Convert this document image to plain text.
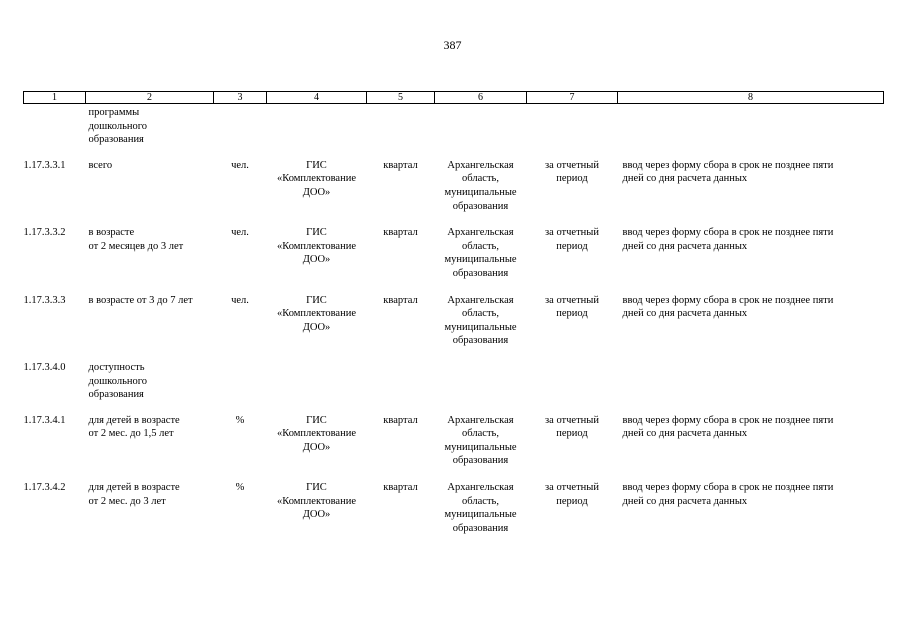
387
1	2	3	4	5	6	7	8

	программы
дошкольного
образования						

1.17.3.3.1	всего	чел.	ГИС
«Комплектование
ДОО»	квартал	Архангельская
область,
муниципальные
образования	за отчетный
период	ввод через форму сбора в срок не позднее пяти
дней со дня расчета данных

1.17.3.3.2	в возрасте
от 2 месяцев до 3 лет	чел.	ГИС
«Комплектование
ДОО»	квартал	Архангельская
область,
муниципальные
образования	за отчетный
период	ввод через форму сбора в срок не позднее пяти
дней со дня расчета данных

1.17.3.3.3	в возрасте от 3 до 7 лет	чел.	ГИС
«Комплектование
ДОО»	квартал	Архангельская
область,
муниципальные
образования	за отчетный
период	ввод через форму сбора в срок не позднее пяти
дней со дня расчета данных

1.17.3.4.0	доступность
дошкольного
образования						

1.17.3.4.1	для детей в возрасте
от 2 мес. до 1,5 лет	%	ГИС
«Комплектование
ДОО»	квартал	Архангельская
область,
муниципальные
образования	за отчетный
период	ввод через форму сбора в срок не позднее пяти
дней со дня расчета данных

1.17.3.4.2	для детей в возрасте
от 2 мес. до 3 лет	%	ГИС
«Комплектование
ДОО»	квартал	Архангельская
область,
муниципальные
образования	за отчетный
период	ввод через форму сбора в срок не позднее пяти
дней со дня расчета данных
